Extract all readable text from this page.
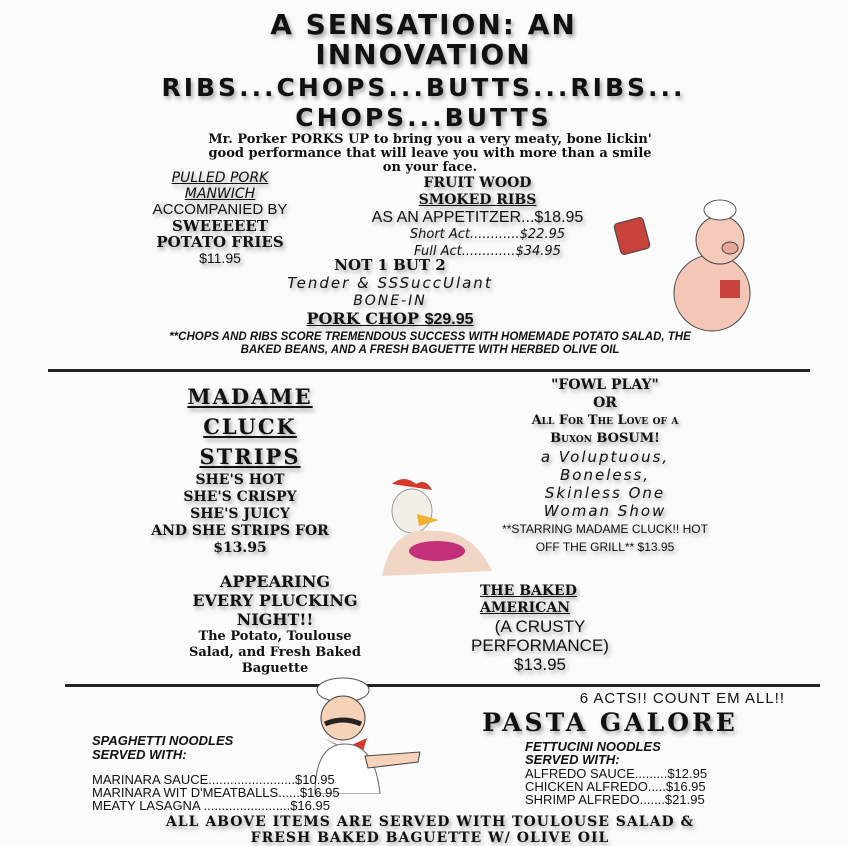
A SENSATION: AN
INNOVATION
RIBS...CHOPS...BUTTS...RIBS...
CHOPS...BUTTS
Mr. Porker PORKS UP to bring you a very meaty, bone lickin'
good performance that will leave you with more than a smile
on your face.
PULLED PORK
MANWICH
ACCOMPANIED BY
SWEEEEET
POTATO FRIES
$11.95
FRUIT WOOD
SMOKED RIBS
AS AN APPETITZER...$18.95
Short Act............$22.95
Full Act.............$34.95
NOT 1 BUT 2
Tender & SSSuccUlant
BONE-IN
PORK CHOP $29.95
**CHOPS AND RIBS SCORE TREMENDOUS SUCCESS WITH HOMEMADE POTATO SALAD, THE
BAKED BEANS, AND A FRESH BAGUETTE WITH HERBED OLIVE OIL
MADAME
CLUCK
STRIPS
SHE'S HOT
SHE'S CRISPY
SHE'S JUICY
AND SHE STRIPS FOR
$13.95
"FOWL PLAY"
OR
All For The Love of a
Buxon BOSUM!
a Voluptuous,
Boneless,
Skinless One
Woman Show
**STARRING MADAME CLUCK!! HOT
OFF THE GRILL** $13.95
APPEARING
EVERY PLUCKING
NIGHT!!
The Potato, Toulouse
Salad, and Fresh Baked
Baguette
THE BAKED
AMERICAN
(A CRUSTY
PERFORMANCE)
$13.95
6 ACTS!! COUNT EM ALL!!
PASTA GALORE
SPAGHETTI NOODLES
SERVED WITH:
MARINARA SAUCE........................$10.95
MARINARA WIT D'MEATBALLS......$16.95
MEATY LASAGNA ........................$16.95
FETTUCINI NOODLES
SERVED WITH:
ALFREDO SAUCE.........$12.95
CHICKEN ALFREDO.....$16.95
SHRIMP ALFREDO.......$21.95
ALL ABOVE ITEMS ARE SERVED WITH TOULOUSE SALAD &
FRESH BAKED BAGUETTE W/ OLIVE OIL
